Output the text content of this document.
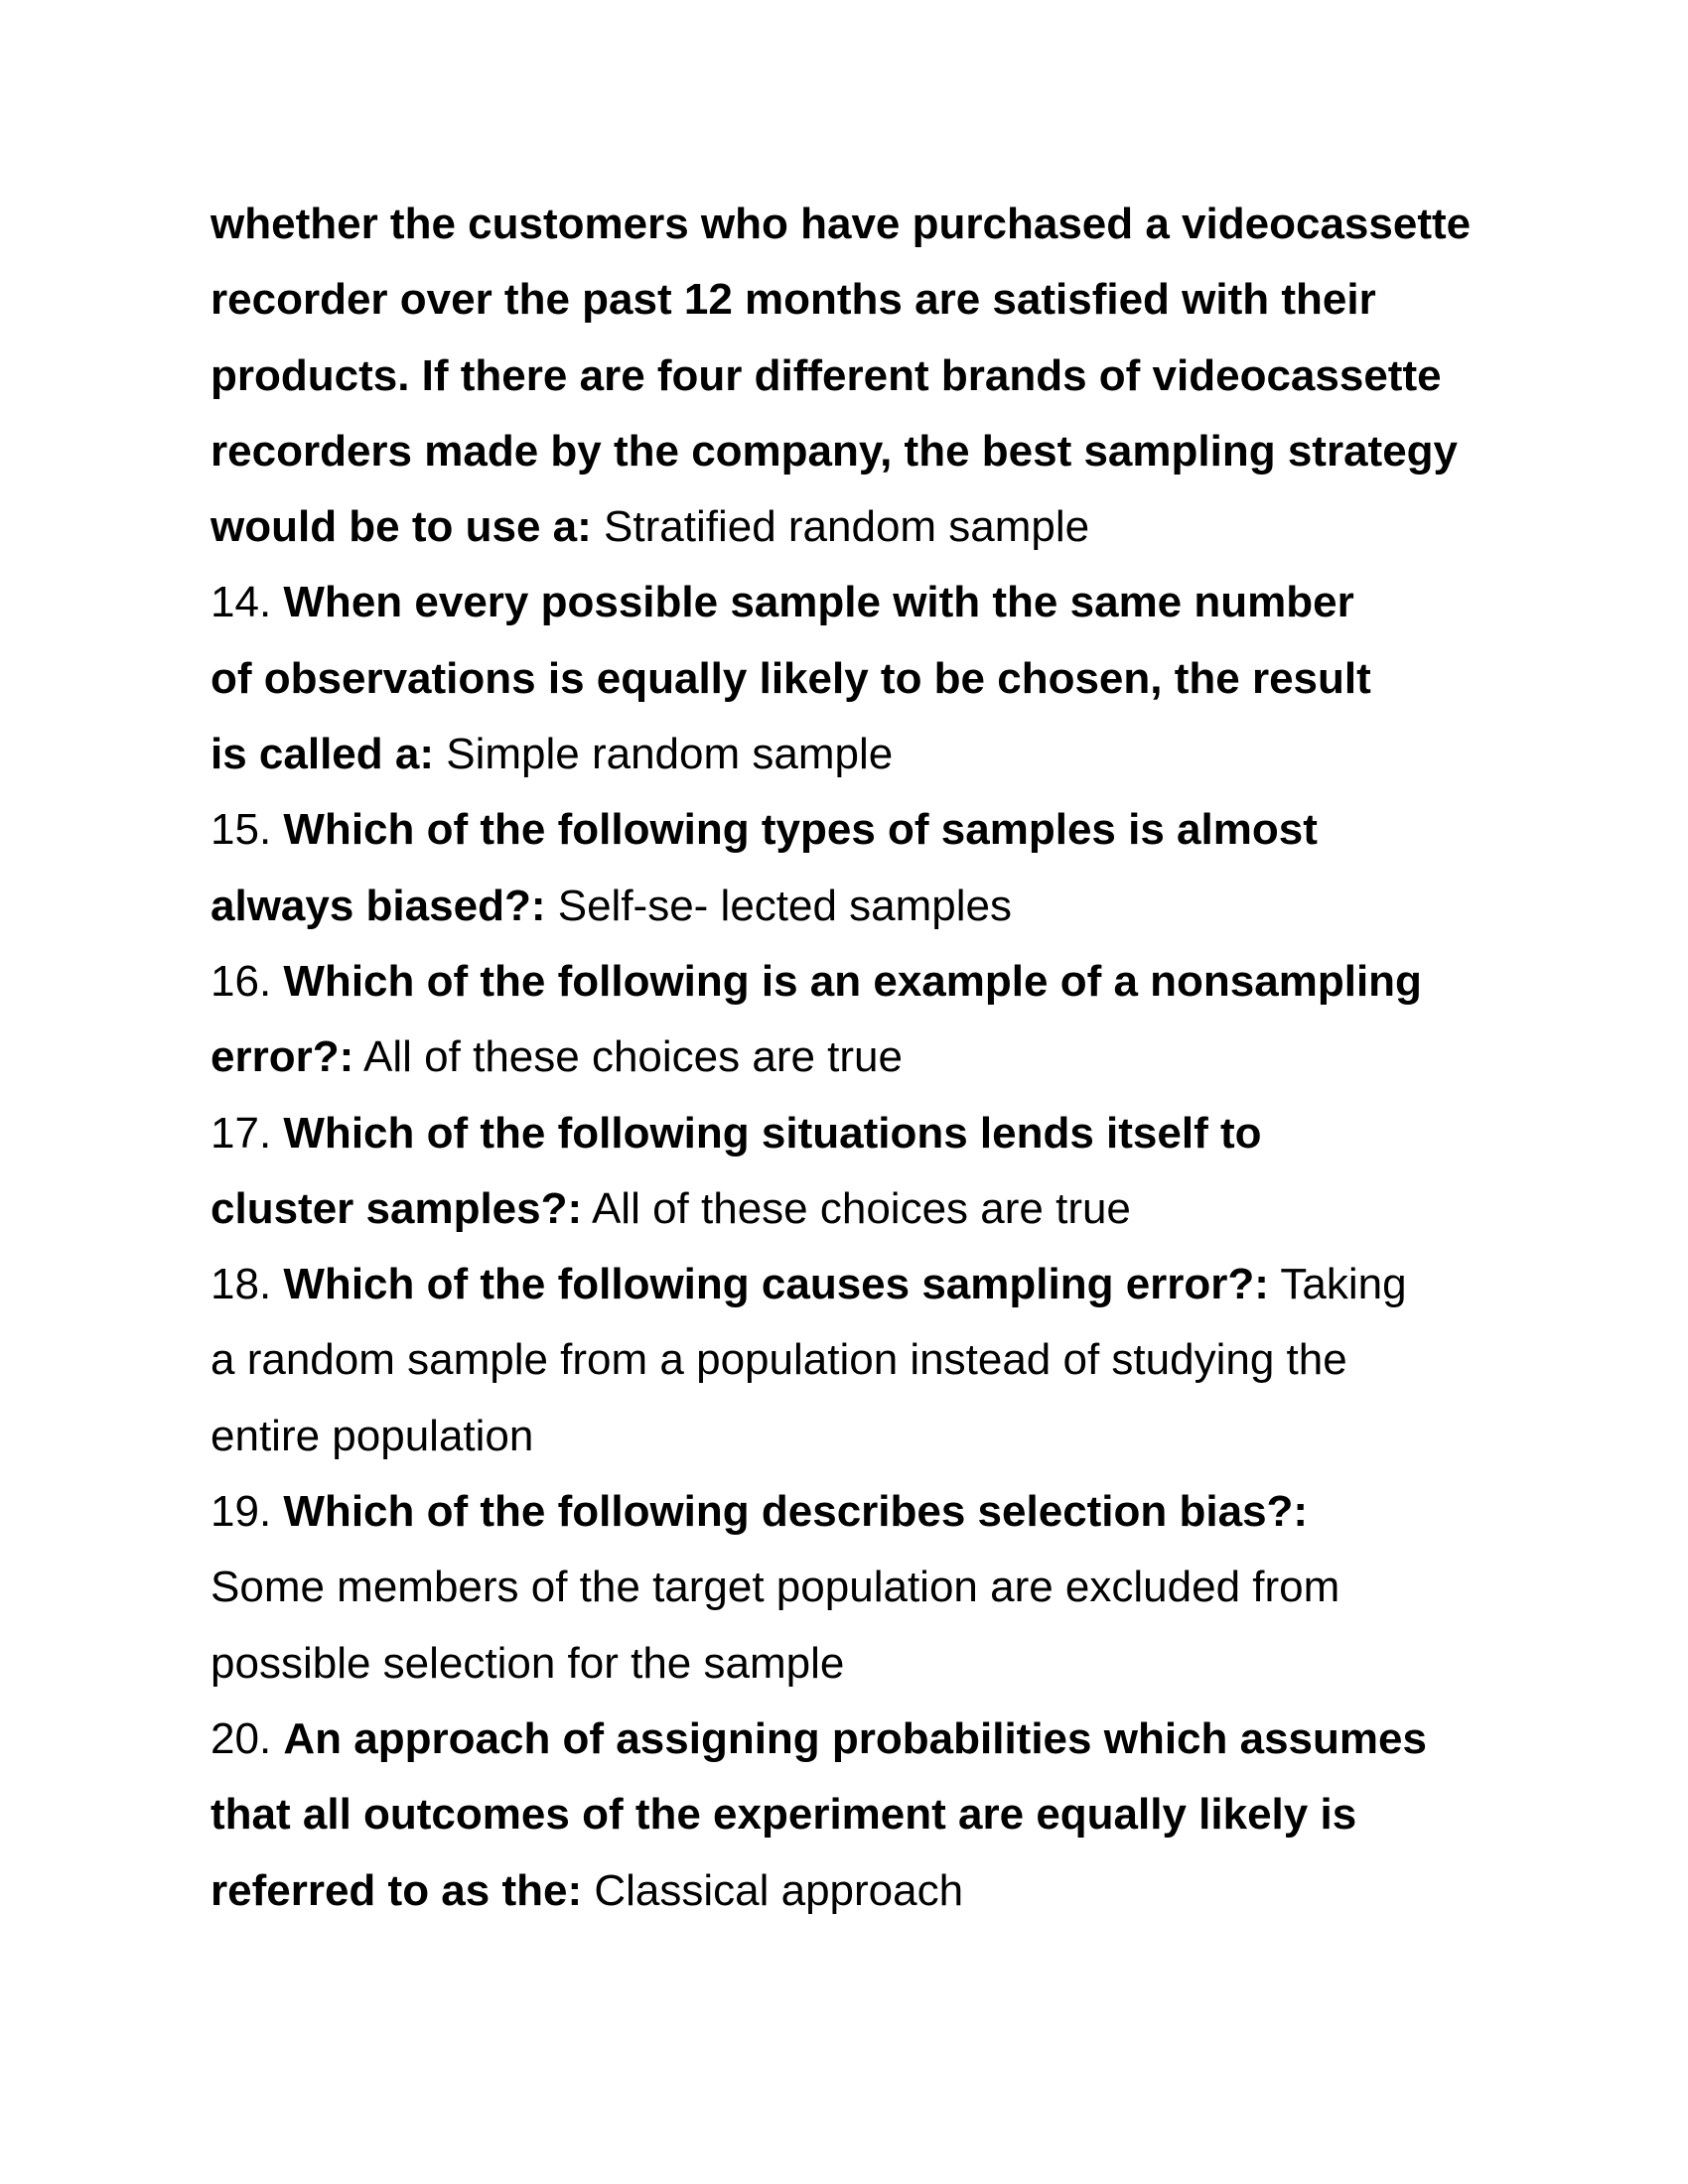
whether the customers who have purchased a videocassette
recorder over the past 12 months are satisfied with their
products. If there are four different brands of videocassette
recorders made by the company, the best sampling strategy
would be to use a: Stratified random sample
14. When every possible sample with the same number
of observations is equally likely to be chosen, the result
is called a: Simple random sample
15. Which of the following types of samples is almost
always biased?: Self-se- lected samples
16. Which of the following is an example of a nonsampling
error?: All of these choices are true
17. Which of the following situations lends itself to
cluster samples?: All of these choices are true
18. Which of the following causes sampling error?: Taking
a random sample from a population instead of studying the
entire population
19. Which of the following describes selection bias?:
Some members of the target population are excluded from
possible selection for the sample
20. An approach of assigning probabilities which assumes
that all outcomes of the experiment are equally likely is
referred to as the: Classical approach
